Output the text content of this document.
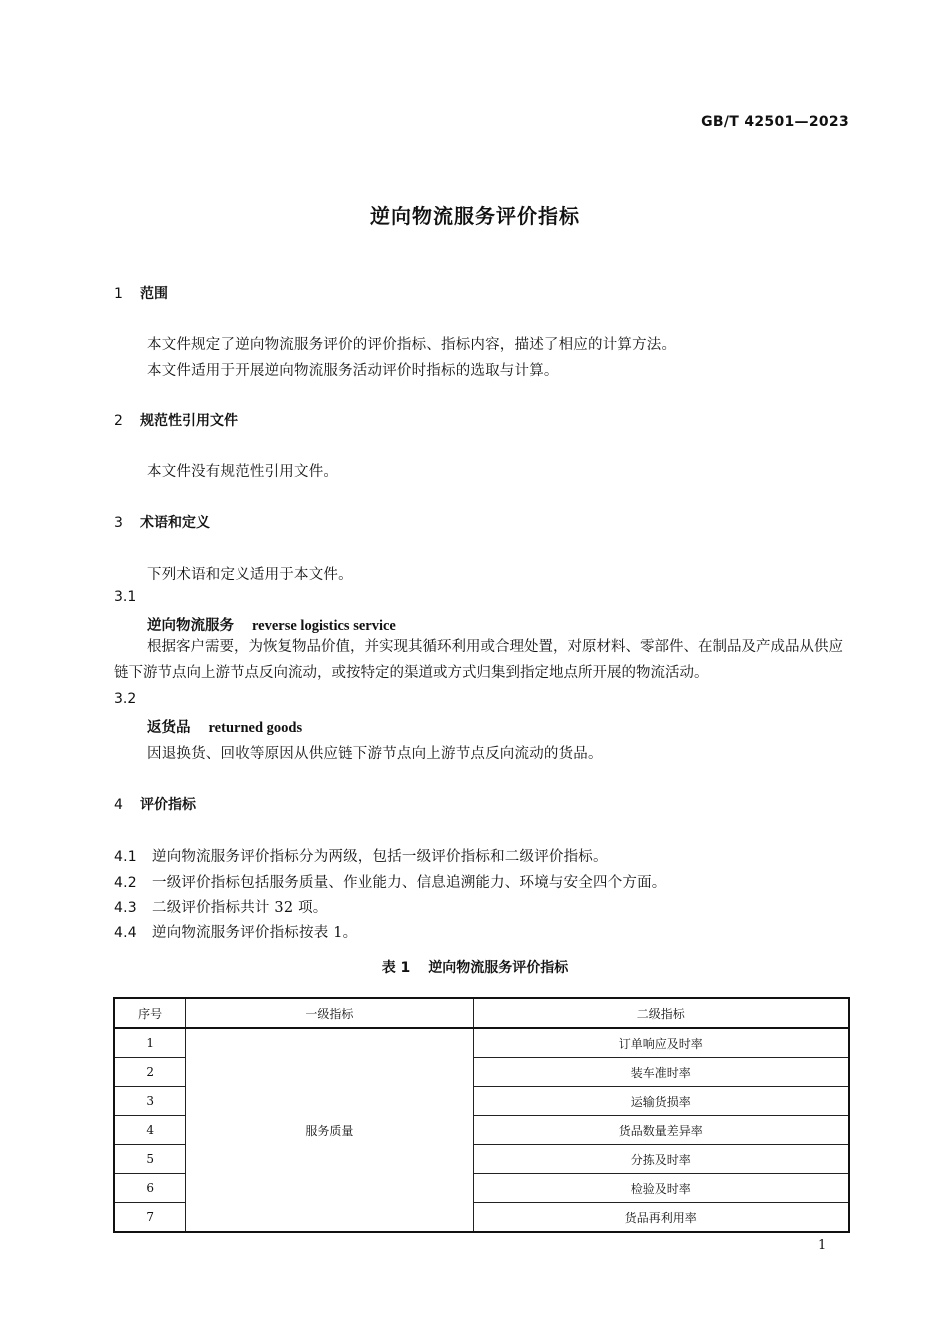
GB/T 42501—2023
逆向物流服务评价指标
1 范围
本文件规定了逆向物流服务评价的评价指标、指标内容，描述了相应的计算方法。
本文件适用于开展逆向物流服务活动评价时指标的选取与计算。
2 规范性引用文件
本文件没有规范性引用文件。
3 术语和定义
下列术语和定义适用于本文件。
3.1
逆向物流服务 reverse logistics service
根据客户需要，为恢复物品价值，并实现其循环利用或合理处置，对原材料、零部件、在制品及产成品从供应链下游节点向上游节点反向流动，或按特定的渠道或方式归集到指定地点所开展的物流活动。
3.2
返货品 returned goods
因退换货、回收等原因从供应链下游节点向上游节点反向流动的货品。
4 评价指标
4.1 逆向物流服务评价指标分为两级，包括一级评价指标和二级评价指标。
4.2 一级评价指标包括服务质量、作业能力、信息追溯能力、环境与安全四个方面。
4.3 二级评价指标共计 32 项。
4.4 逆向物流服务评价指标按表 1。
表 1 逆向物流服务评价指标
序号	一级指标	二级指标
1	服务质量	订单响应及时率
2		装车准时率
3		运输货损率
4		货品数量差异率
5		分拣及时率
6		检验及时率
7		货品再利用率
1
